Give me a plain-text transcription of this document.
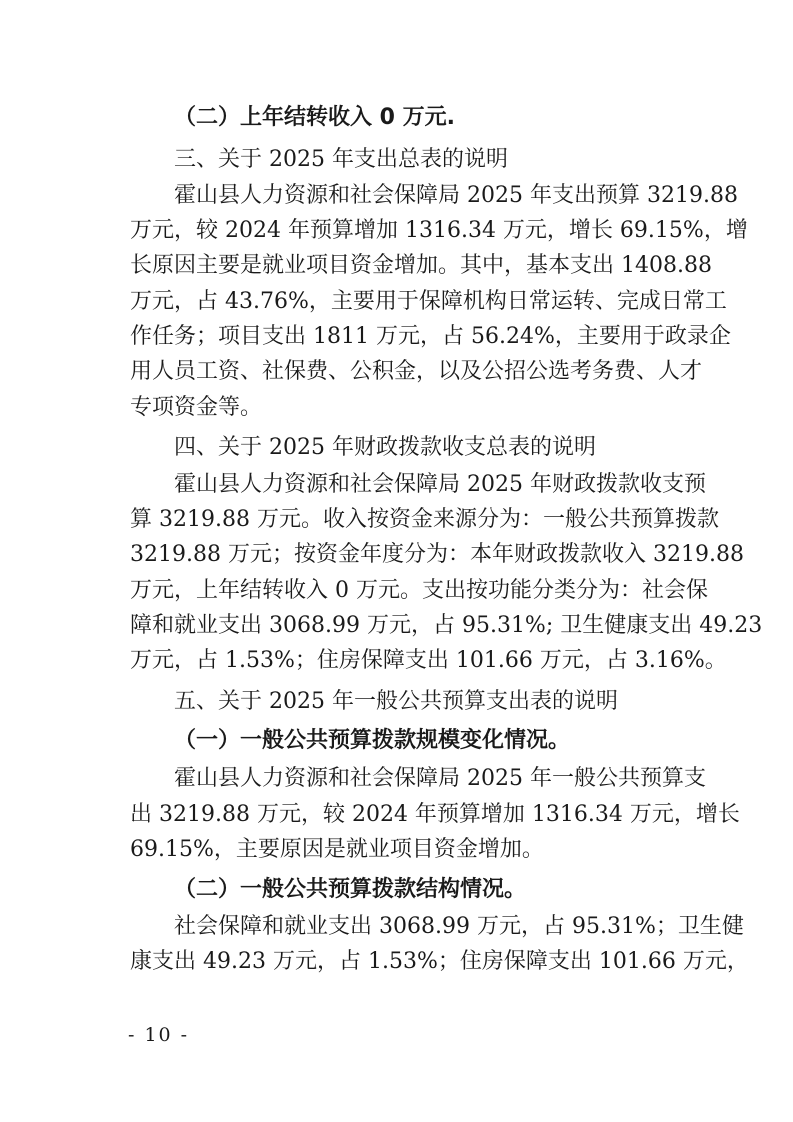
（二）上年结转收入 0 万元.
三、关于 2025 年支出总表的说明
霍山县人力资源和社会保障局 2025 年支出预算 3219.88
万元，较 2024 年预算增加 1316.34 万元，增长 69.15%，增
长原因主要是就业项目资金增加。其中，基本支出 1408.88
万元，占 43.76%，主要用于保障机构日常运转、完成日常工
作任务；项目支出 1811 万元，占 56.24%，主要用于政录企
用人员工资、社保费、公积金，以及公招公选考务费、人才
专项资金等。
四、关于 2025 年财政拨款收支总表的说明
霍山县人力资源和社会保障局 2025 年财政拨款收支预
算 3219.88 万元。收入按资金来源分为：一般公共预算拨款
3219.88 万元；按资金年度分为：本年财政拨款收入 3219.88
万元，上年结转收入 0 万元。支出按功能分类分为：社会保
障和就业支出 3068.99 万元，占 95.31%; 卫生健康支出 49.23
万元，占 1.53%；住房保障支出 101.66 万元，占 3.16%。
五、关于 2025 年一般公共预算支出表的说明
（一）一般公共预算拨款规模变化情况。
霍山县人力资源和社会保障局 2025 年一般公共预算支
出 3219.88 万元，较 2024 年预算增加 1316.34 万元，增长
69.15%，主要原因是就业项目资金增加。
（二）一般公共预算拨款结构情况。
社会保障和就业支出 3068.99 万元，占 95.31%；卫生健
康支出 49.23 万元，占 1.53%；住房保障支出 101.66 万元，
- 10 -
